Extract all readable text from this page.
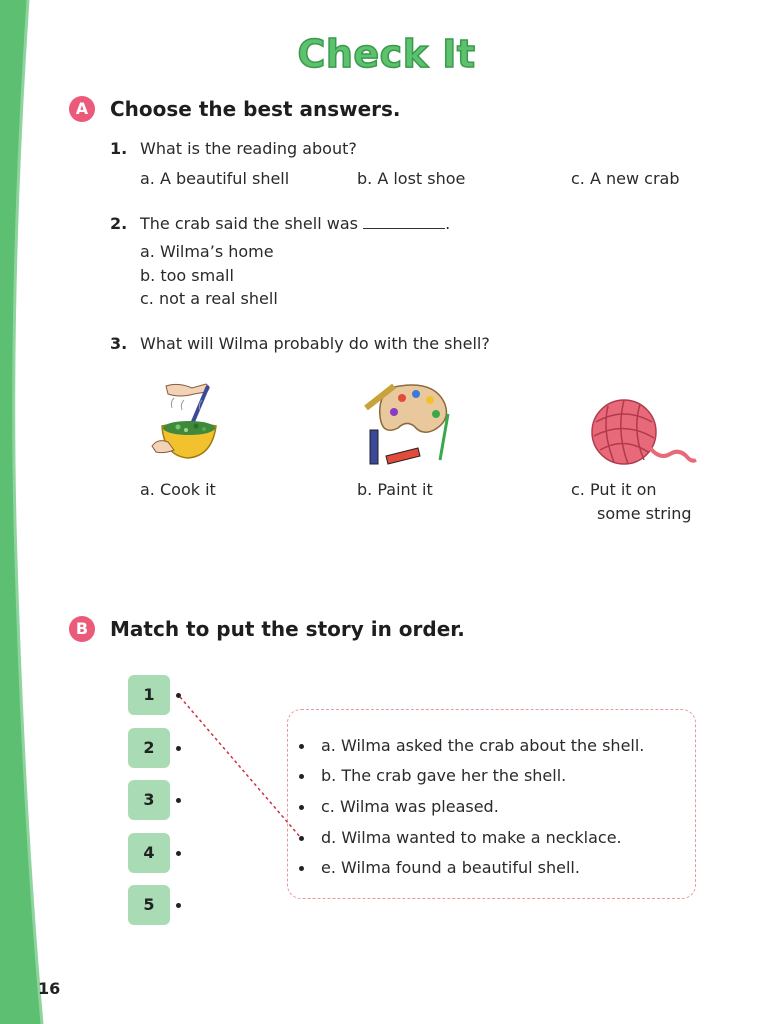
Check It
A	Choose the best answers.
1. What is the reading about?
a. A beautiful shell	b. A lost shoe	c. A new crab
2. The crab said the shell was	.
a. Wilma’s home
b. too small
c. not a real shell
3. What will Wilma probably do with the shell?
a. Cook it	b. Paint it	c. Put it on
some string
B	Match to put the story in order.
1
2
3
4
5
a. Wilma asked the crab about the shell.
b. The crab gave her the shell.
c. Wilma was pleased.
d. Wilma wanted to make a necklace.
e. Wilma found a beautiful shell.
16
